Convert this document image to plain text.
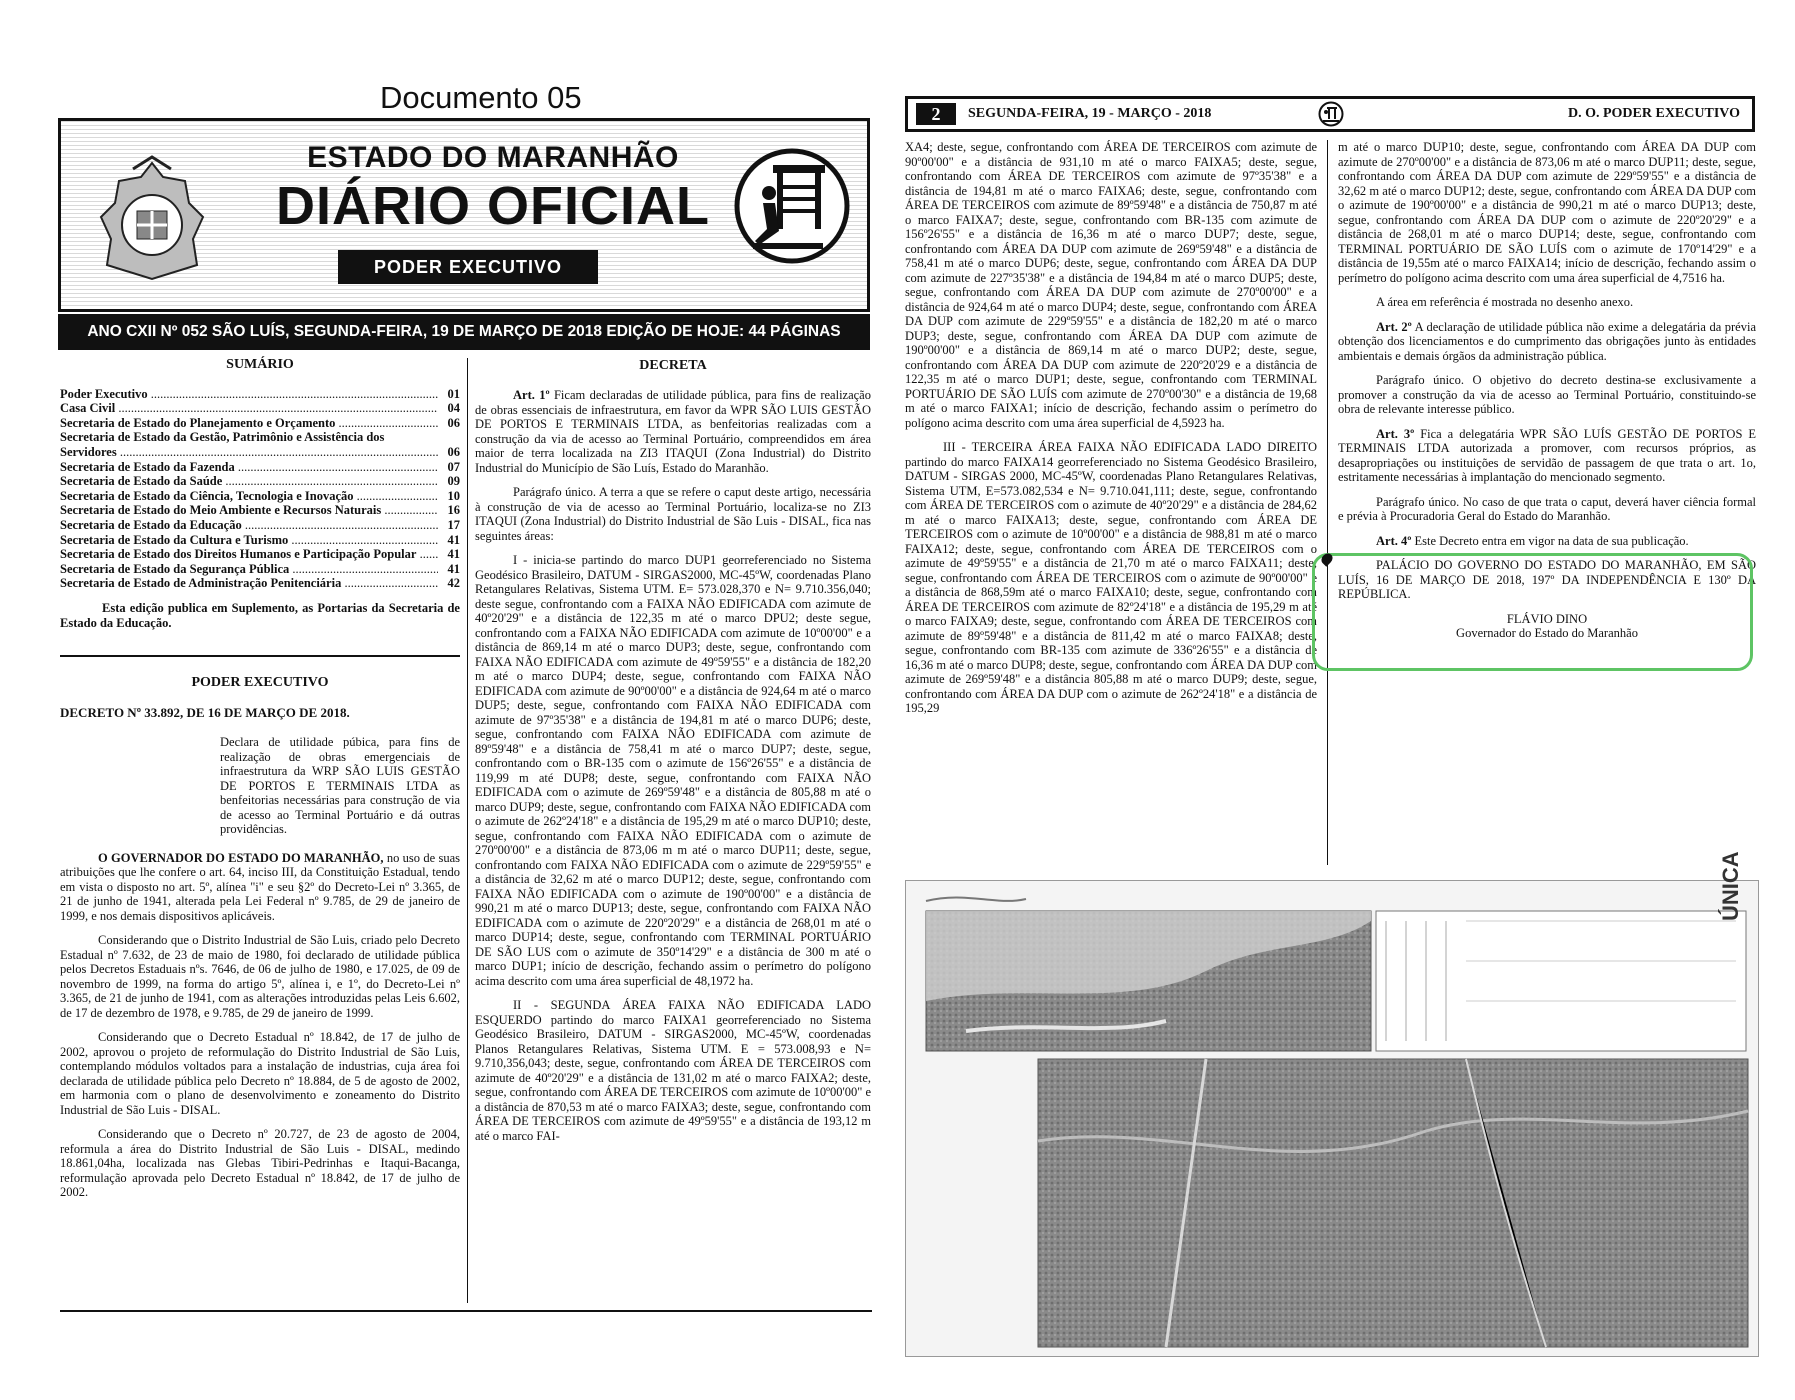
Documento 05
ESTADO DO MARANHÃO
DIÁRIO OFICIAL
PODER EXECUTIVO
ANO CXII Nº 052 SÃO LUÍS, SEGUNDA-FEIRA, 19 DE MARÇO DE 2018 EDIÇÃO DE HOJE: 44 PÁGINAS
SUMÁRIO
Poder Executivo .....	01
Casa Civil .....	04
Secretaria de Estado do Planejamento e Orçamento .....	06
Secretaria de Estado da Gestão, Patrimônio e Assistência dos
Servidores .....	06
Secretaria de Estado da Fazenda .....	07
Secretaria de Estado da Saúde .....	09
Secretaria de Estado da Ciência, Tecnologia e Inovação .....	10
Secretaria de Estado do Meio Ambiente e Recursos Naturais .....	16
Secretaria de Estado da Educação .....	17
Secretaria de Estado da Cultura e Turismo .....	41
Secretaria de Estado dos Direitos Humanos e Participação Popular .....	41
Secretaria de Estado da Segurança Pública .....	41
Secretaria de Estado de Administração Penitenciária .....	42
Esta edição publica em Suplemento, as Portarias da Secretaria de Estado da Educação.
PODER EXECUTIVO
DECRETO Nº 33.892, DE 16 DE MARÇO DE 2018.
Declara de utilidade púbica, para fins de realização de obras emergenciais de infraestrutura da WRP SÃO LUIS GESTÃO DE PORTOS E TERMINAIS LTDA as benfeitorias necessárias para construção de via de acesso ao Terminal Portuário e dá outras providências.

O GOVERNADOR DO ESTADO DO MARANHÃO, no uso de suas atribuições que lhe confere o art. 64, inciso III, da Constituição Estadual, tendo em vista o disposto no art. 5º, alínea "i" e seu §2º do Decreto-Lei nº 3.365, de 21 de junho de 1941, alterada pela Lei Federal nº 9.785, de 29 de janeiro de 1999, e nos demais dispositivos aplicáveis.

Considerando que o Distrito Industrial de São Luis, criado pelo Decreto Estadual nº 7.632, de 23 de maio de 1980, foi declarado de utilidade pública pelos Decretos Estaduais nºs. 7646, de 06 de julho de 1980, e 17.025, de 09 de novembro de 1999, na forma do artigo 5º, alínea i, e 1º, do Decreto-Lei nº 3.365, de 21 de junho de 1941, com as alterações introduzidas pelas Leis 6.602, de 17 de dezembro de 1978, e 9.785, de 29 de janeiro de 1999.

Considerando que o Decreto Estadual nº 18.842, de 17 de julho de 2002, aprovou o projeto de reformulação do Distrito Industrial de São Luis, contemplando módulos voltados para a instalação de industrias, cuja área foi declarada de utilidade pública pelo Decreto nº 18.884, de 5 de agosto de 2002, em harmonia com o plano de desenvolvimento e zoneamento do Distrito Industrial de São Luis - DISAL.

Considerando que o Decreto nº 20.727, de 23 de agosto de 2004, reformula a área do Distrito Industrial de São Luis - DISAL, medindo 18.861,04ha, localizada nas Glebas Tibiri-Pedrinhas e Itaqui-Bacanga, reformulação aprovada pelo Decreto Estadual nº 18.842, de 17 de julho de 2002.

DECRETA

Art. 1º Ficam declaradas de utilidade pública, para fins de realização de obras essenciais de infraestrutura, em favor da WPR SÃO LUIS GESTÃO DE PORTOS E TERMINAIS LTDA, as benfeitorias realizadas com a construção da via de acesso ao Terminal Portuário, compreendidos em área maior de terra localizada na ZI3 ITAQUI (Zona Industrial) do Distrito Industrial do Município de São Luís, Estado do Maranhão.

Parágrafo único. A terra a que se refere o caput deste artigo, necessária à construção de via de acesso ao Terminal Portuário, localiza-se no ZI3 ITAQUI (Zona Industrial) do Distrito Industrial de São Luis - DISAL, fica nas seguintes áreas:

I - inicia-se partindo do marco DUP1 georreferenciado no Sistema Geodésico Brasileiro, DATUM - SIRGAS2000, MC-45ºW, coordenadas Plano Retangulares Relativas, Sistema UTM. E= 573.028,370 e N= 9.710.356,040; deste segue, confrontando com a FAIXA NÃO EDIFICADA com azimute de 40º20'29" e a distância de 122,35 m até o marco DPU2; deste segue, confrontando com a FAIXA NÃO EDIFICADA com azimute de 10º00'00" e a distância de 869,14 m até o marco DUP3; deste, segue, confrontando com FAIXA NÃO EDIFICADA com azimute de 49º59'55" e a distância de 182,20 m até o marco DUP4; deste, segue, confrontando com FAIXA NÃO EDIFICADA com azimute de 90º00'00" e a distância de 924,64 m até o marco DUP5; deste, segue, confrontando com FAIXA NÃO EDIFICADA com azimute de 97º35'38" e a distância de 194,81 m até o marco DUP6; deste, segue, confrontando com FAIXA NÃO EDIFICADA com azimute de 89º59'48" e a distância de 758,41 m até o marco DUP7; deste, segue, confrontando com o BR-135 com o azimute de 156º26'55" e a distância de 119,99 m até DUP8; deste, segue, confrontando com FAIXA NÃO EDIFICADA com o azimute de 269º59'48" e a distância de 805,88 m até o marco DUP9; deste, segue, confrontando com FAIXA NÃO EDIFICADA com o azimute de 262º24'18" e a distância de 195,29 m até o marco DUP10; deste, segue, confrontando com FAIXA NÃO EDIFICADA com o azimute de 270º00'00" e a distância de 873,06 m m até o marco DUP11; deste, segue, confrontando com FAIXA NÃO EDIFICADA com o azimute de 229º59'55" e a distância de 32,62 m até o marco DUP12; deste, segue, confrontando com FAIXA NÃO EDIFICADA com o azimute de 190º00'00" e a distância de 990,21 m até o marco DUP13; deste, segue, confrontando com FAIXA NÃO EDIFICADA com o azimute de 220º20'29" e a distância de 268,01 m até o marco DUP14; deste, segue, confrontando com TERMINAL PORTUÁRIO DE SÃO LUS com o azimute de 350º14'29" e a distância de 300 m até o marco DUP1; início de descrição, fechando assim o perímetro do polígono acima descrito com uma área superficial de 48,1972 ha.

II - SEGUNDA ÁREA FAIXA NÃO EDIFICADA LADO ESQUERDO partindo do marco FAIXA1 georreferenciado no Sistema Geodésico Brasileiro, DATUM - SIRGAS2000, MC-45ºW, coordenadas Planos Retangulares Relativas, Sistema UTM. E = 573.008,93 e N= 9.710,356,043; deste, segue, confrontando com ÁREA DE TERCEIROS com azimute de 40º20'29" e a distância de 131,02 m até o marco FAIXA2; deste, segue, confrontando com ÁREA DE TERCEIROS com azimute de 10º00'00" e a distância de 870,53 m até o marco FAIXA3; deste, segue, confrontando com ÁREA DE TERCEIROS com azimute de 49º59'55" e a distância de 193,12 m até o marco FAI-

2	SEGUNDA-FEIRA, 19 - MARÇO - 2018	D. O. PODER EXECUTIVO

XA4; deste, segue, confrontando com ÁREA DE TERCEIROS com azimute de 90º00'00" e a distância de 931,10 m até o marco FAIXA5; deste, segue, confrontando com ÁREA DE TERCEIROS com azimute de 97º35'38" e a distância de 194,81 m até o marco FAIXA6; deste, segue, confrontando com ÁREA DE TERCEIROS com azimute de 89º59'48" e a distância de 750,87 m até o marco FAIXA7; deste, segue, confrontando com BR-135 com azimute de 156º26'55" e a distância de 16,36 m até o marco DUP7; deste, segue, confrontando com ÁREA DA DUP com azimute de 269º59'48" e a distância de 758,41 m até o marco DUP6; deste, segue, confrontando com ÁREA DA DUP com azimute de 227º35'38" e a distância de 194,84 m até o marco DUP5; deste, segue, confrontando com ÁREA DA DUP com azimute de 270º00'00" e a distância de 924,64 m até o marco DUP4; deste, segue, confrontando com ÁREA DA DUP com azimute de 229º59'55" e a distância de 182,20 m até o marco DUP3; deste, segue, confrontando com ÁREA DA DUP com azimute de 190º00'00" e a distância de 869,14 m até o marco DUP2; deste, segue, confrontando com ÁREA DA DUP com azimute de 220º20'29 e a distância de 122,35 m até o marco DUP1; deste, segue, confrontando com TERMINAL PORTUÁRIO DE SÃO LUÍS com azimute de 270º00'30" e a distância de 19,68 m até o marco FAIXA1; início de descrição, fechando assim o perímetro do polígono acima descrito com uma área superficial de 4,5923 ha.

III - TERCEIRA ÁREA FAIXA NÃO EDIFICADA LADO DIREITO partindo do marco FAIXA14 georreferenciado no Sistema Geodésico Brasileiro, DATUM - SIRGAS 2000, MC-45ºW, coordenadas Plano Retangulares Relativas, Sistema UTM, E=573.082,534 e N= 9.710.041,111; deste, segue, confrontando com ÁREA DE TERCEIROS com o azimute de 40º20'29" e a distância de 284,62 m até o marco FAIXA13; deste, segue, confrontando com ÁREA DE TERCEIROS com o azimute de 10º00'00" e a distância de 988,81 m até o marco FAIXA12; deste, segue, confrontando com ÁREA DE TERCEIROS com o azimute de 49º59'55" e a distância de 21,70 m até o marco FAIXA11; deste, segue, confrontando com ÁREA DE TERCEIROS com o azimute de 90º00'00" e a distância de 868,59m até o marco FAIXA10; deste, segue, confrontando com ÁREA DE TERCEIROS com azimute de 82º24'18" e a distância de 195,29 m até o marco FAIXA9; deste, segue, confrontando com ÁREA DE TERCEIROS com azimute de 89º59'48" e a distância de 811,42 m até o marco FAIXA8; deste, segue, confrontando com BR-135 com azimute de 336º26'55" e a distância de 16,36 m até o marco DUP8; deste, segue, confrontando com ÁREA DA DUP com azimute de 269º59'48" e a distância 805,88 m até o marco DUP9; deste, segue, confrontando com ÁREA DA DUP com o azimute de 262º24'18" e a distância de 195,29

m até o marco DUP10; deste, segue, confrontando com ÁREA DA DUP com azimute de 270º00'00" e a distância de 873,06 m até o marco DUP11; deste, segue, confrontando com ÁREA DA DUP com azimute de 229º59'55" e a distância de 32,62 m até o marco DUP12; deste, segue, confrontando com ÁREA DA DUP com o azimute de 190º00'00" e a distância de 990,21 m até o marco DUP13; deste, segue, confrontando com ÁREA DA DUP com o azimute de 220º20'29" e a distância de 268,01 m até o marco DUP14; deste, segue, confrontando com TERMINAL PORTUÁRIO DE SÃO LUÍS com o azimute de 170º14'29" e a distância de 19,55m até o marco FAIXA14; início de descrição, fechando assim o perímetro do polígono acima descrito com uma área superficial de 4,7516 ha.

A área em referência é mostrada no desenho anexo.

Art. 2º A declaração de utilidade pública não exime a delegatária da prévia obtenção dos licenciamentos e do cumprimento das obrigações junto às entidades ambientais e demais órgãos da administração pública.

Parágrafo único. O objetivo do decreto destina-se exclusivamente a promover a construção da via de acesso ao Terminal Portuário, constituindo-se obra de relevante interesse público.

Art. 3º Fica a delegatária WPR SÃO LUÍS GESTÃO DE PORTOS E TERMINAIS LTDA autorizada a promover, com recursos próprios, as desapropriações ou instituições de servidão de passagem de que trata o art. 1o, estritamente necessárias à implantação do mencionado segmento.

Parágrafo único. No caso de que trata o caput, deverá haver ciência formal e prévia à Procuradoria Geral do Estado do Maranhão.

Art. 4º Este Decreto entra em vigor na data de sua publicação.

PALÁCIO DO GOVERNO DO ESTADO DO MARANHÃO, EM SÃO LUÍS, 16 DE MARÇO DE 2018, 197º DA INDEPENDÊNCIA E 130º DA REPÚBLICA.

FLÁVIO DINO
Governador do Estado do Maranhão
ÚNICA
